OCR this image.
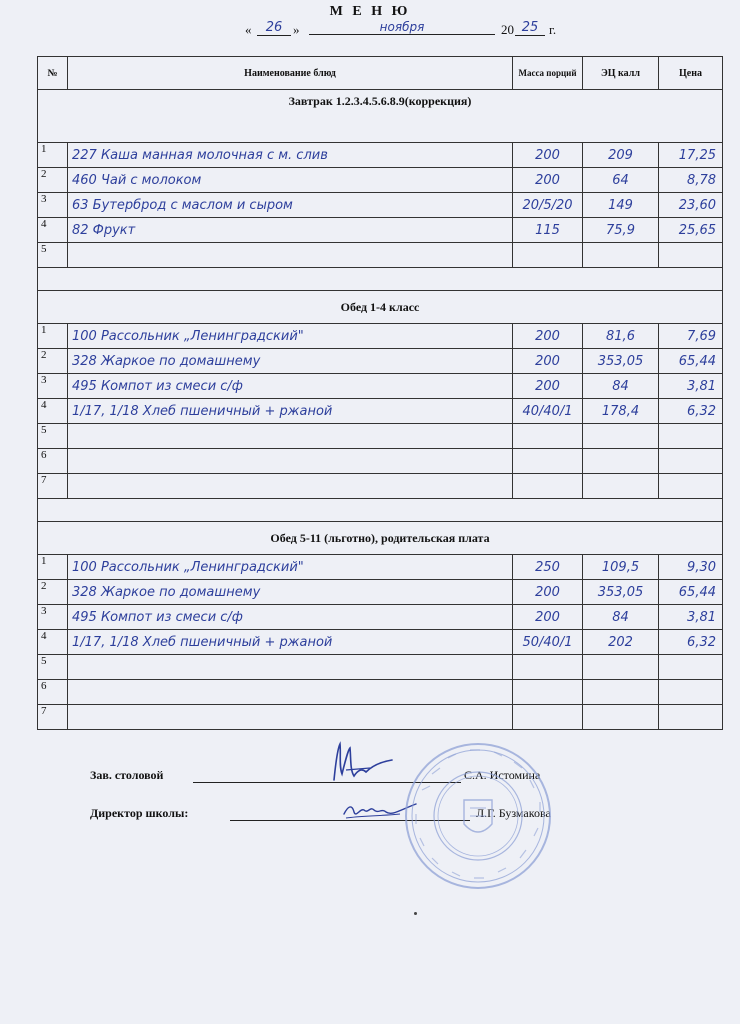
М Е Н Ю
«	26 »	ноября	20 25 г.
№	Наименование блюд	Масса порций	ЭЦ калл	Цена
Завтрак 1.2.3.4.5.6.8.9(коррекция)				
1	227 Каша манная молочная с м. слив	200	209	17,25
2	460 Чай с молоком	200	64	8,78
3	63 Бутерброд с маслом и сыром	20/5/20	149	23,60
4	82 Фрукт	115	75,9	25,65
5				

Обед 1-4 класс				
1	100 Рассольник „Ленинградский"	200	81,6	7,69
2	328 Жаркое по домашнему	200	353,05	65,44
3	495 Компот из смеси с/ф	200	84	3,81
4	1/17, 1/18 Хлеб пшеничный + ржаной	40/40/1	178,4	6,32
5				
6				
7				

Обед 5-11 (льготно), родительская плата				
1	100 Рассольник „Ленинградский"	250	109,5	9,30
2	328 Жаркое по домашнему	200	353,05	65,44
3	495 Компот из смеси с/ф	200	84	3,81
4	1/17, 1/18 Хлеб пшеничный + ржаной	50/40/1	202	6,32
5				
6				
7				
Зав. столовой	С.А. Истомина
Директор школы:	Л.Г. Бузмакова
